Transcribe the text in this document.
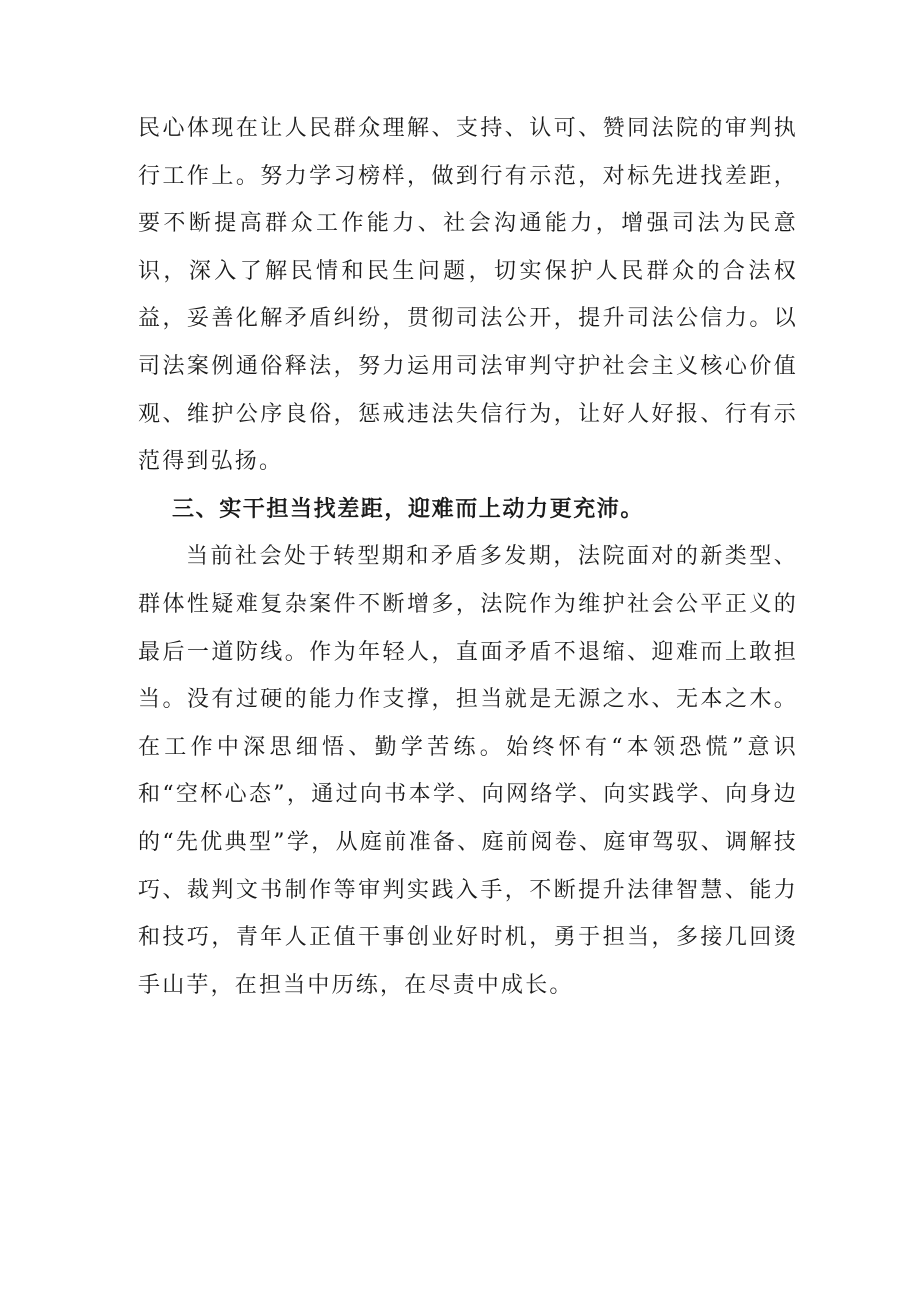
民心体现在让人民群众理解、支持、认可、赞同法院的审判执行工作上。努力学习榜样，做到行有示范，对标先进找差距，要不断提高群众工作能力、社会沟通能力，增强司法为民意识，深入了解民情和民生问题，切实保护人民群众的合法权益，妥善化解矛盾纠纷，贯彻司法公开，提升司法公信力。以司法案例通俗释法，努力运用司法审判守护社会主义核心价值观、维护公序良俗，惩戒违法失信行为，让好人好报、行有示范得到弘扬。

三、实干担当找差距，迎难而上动力更充沛。

当前社会处于转型期和矛盾多发期，法院面对的新类型、群体性疑难复杂案件不断增多，法院作为维护社会公平正义的最后一道防线。作为年轻人，直面矛盾不退缩、迎难而上敢担当。没有过硬的能力作支撑，担当就是无源之水、无本之木。在工作中深思细悟、勤学苦练。始终怀有“本领恐慌”意识和“空杯心态”，通过向书本学、向网络学、向实践学、向身边的“先优典型”学，从庭前准备、庭前阅卷、庭审驾驭、调解技巧、裁判文书制作等审判实践入手，不断提升法律智慧、能力和技巧，青年人正值干事创业好时机，勇于担当，多接几回烫手山芋，在担当中历练，在尽责中成长。
